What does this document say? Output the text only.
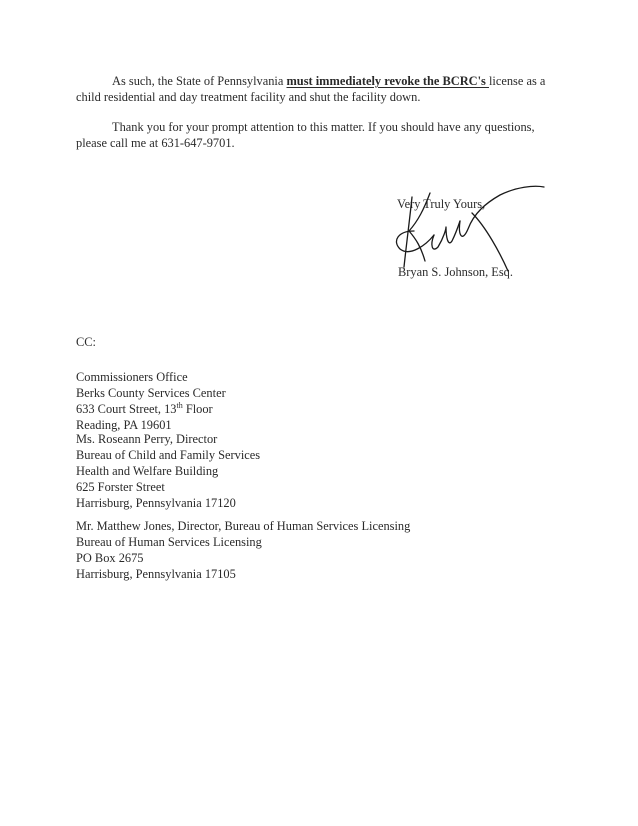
As such, the State of Pennsylvania must immediately revoke the BCRC's license as a child residential and day treatment facility and shut the facility down.

Thank you for your prompt attention to this matter. If you should have any questions, please call me at 631-647-9701.

Very Truly Yours,
Bryan S. Johnson, Esq.
CC:
Commissioners Office
Berks County Services Center
633 Court Street, 13th Floor
Reading, PA 19601
Ms. Roseann Perry, Director
Bureau of Child and Family Services
Health and Welfare Building
625 Forster Street
Harrisburg, Pennsylvania 17120
Mr. Matthew Jones, Director, Bureau of Human Services Licensing
Bureau of Human Services Licensing
PO Box 2675
Harrisburg, Pennsylvania 17105
